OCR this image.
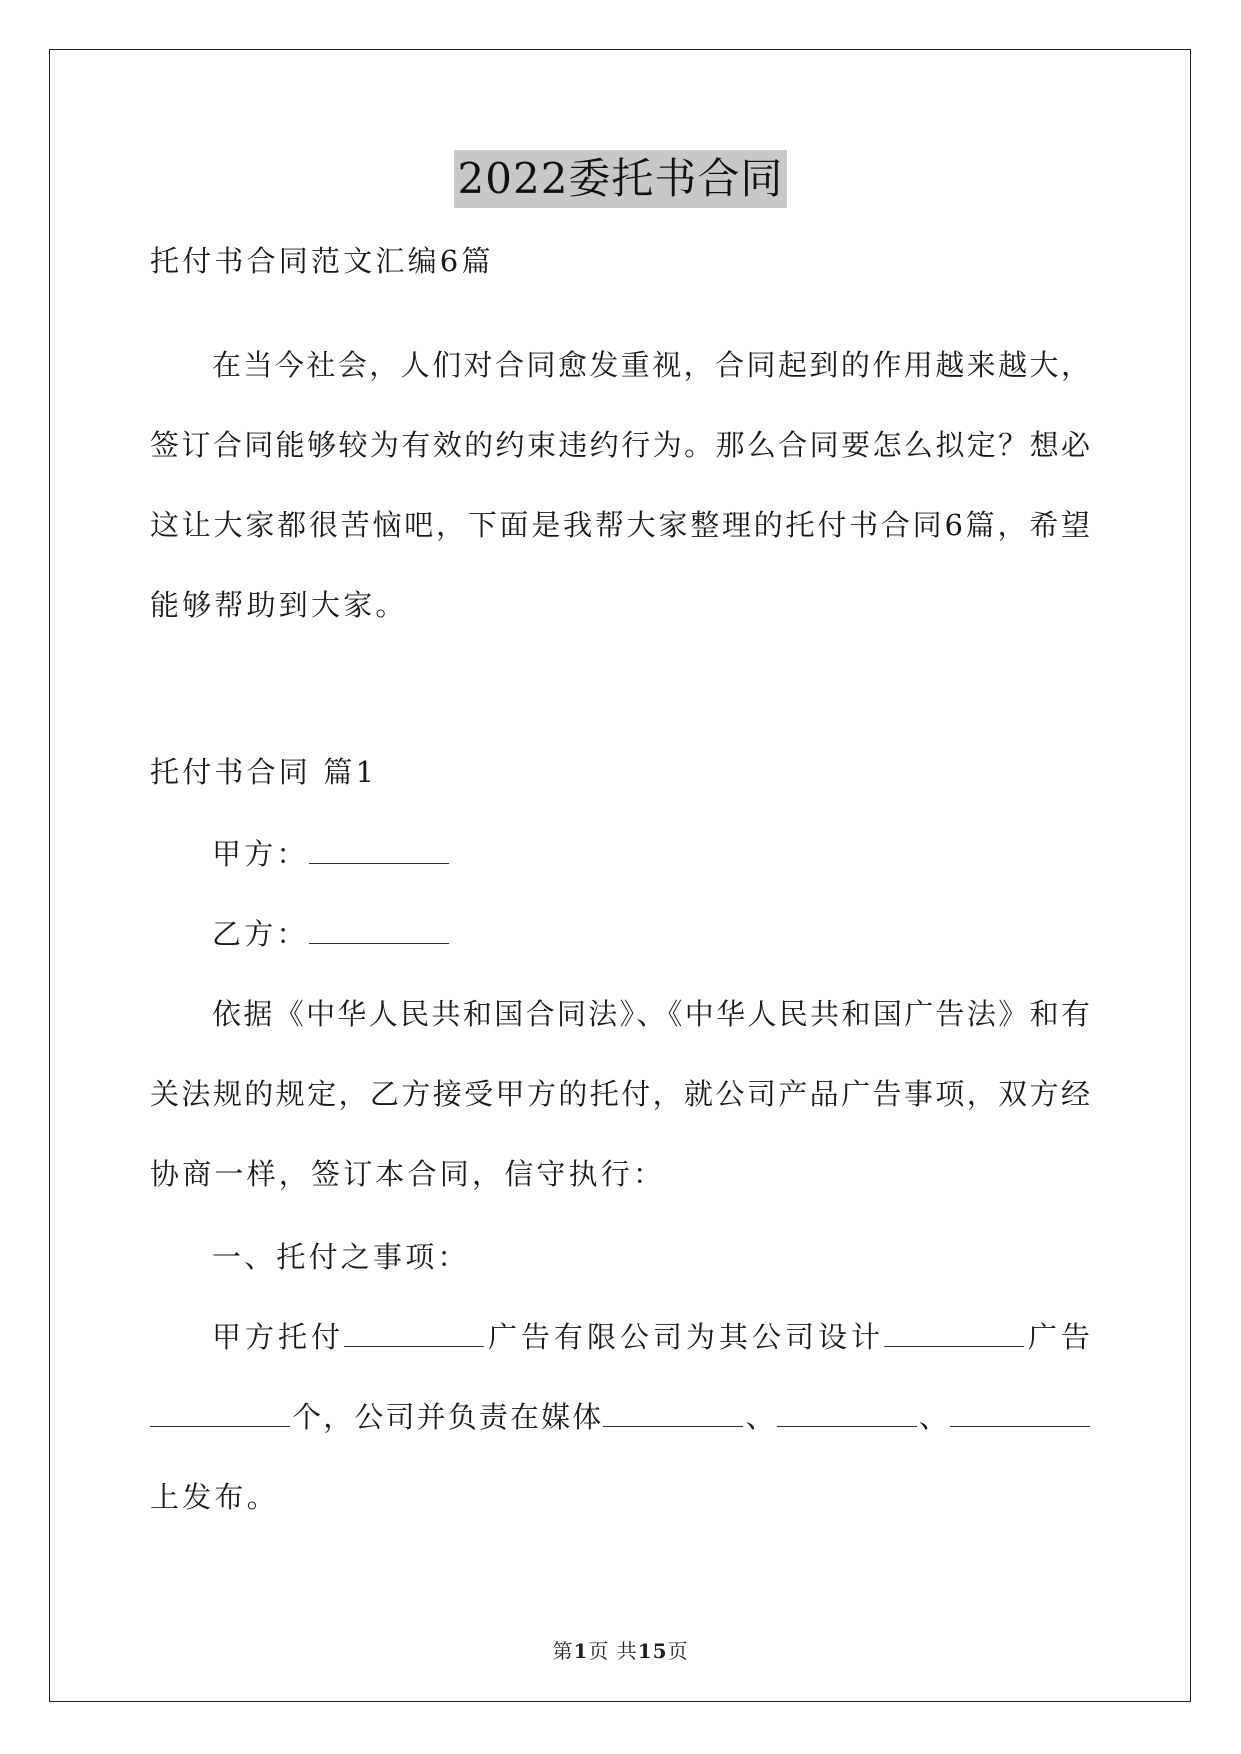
2022委托书合同
托付书合同范文汇编6篇
在当今社会，人们对合同愈发重视，合同起到的作用越来越大，
签订合同能够较为有效的约束违约行为。那么合同要怎么拟定？想必
这让大家都很苦恼吧，下面是我帮大家整理的托付书合同6篇，希望
能够帮助到大家。
托付书合同 篇1
甲方：
乙方：
依据《中华人民共和国合同法》、《中华人民共和国广告法》和有
关法规的规定，乙方接受甲方的托付，就公司产品广告事项，双方经
协商一样，签订本合同，信守执行：
一、托付之事项：
甲方托付	广告有限公司为其公司设计	广告
个，公司并负责在媒体	、	、
上发布。
第1页 共15页
